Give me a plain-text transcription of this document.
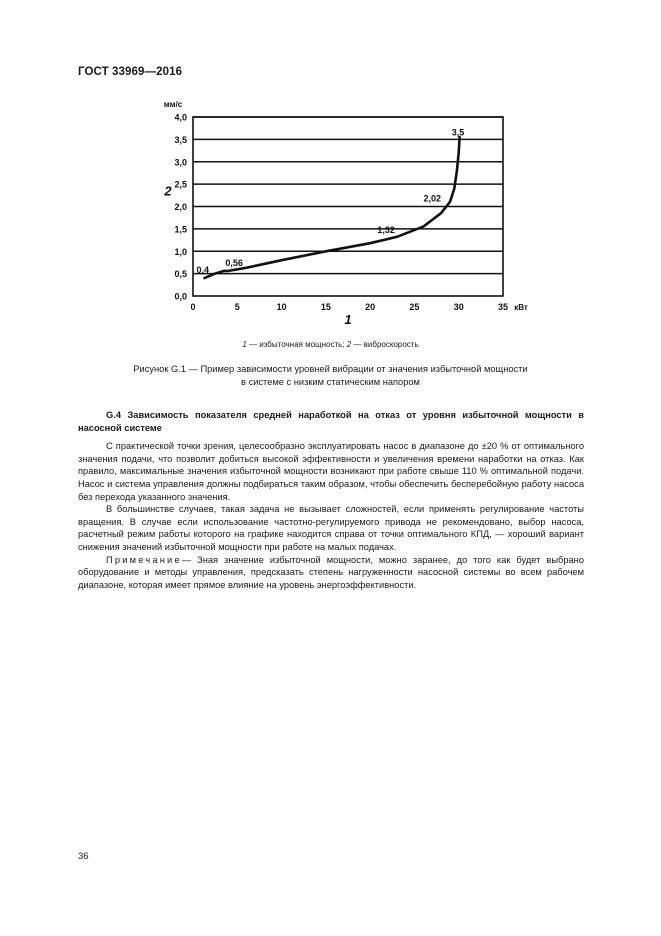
ГОСТ 33969—2016
0,0
0,5
1,0
1,5
2,0
2,5
3,0
3,5
4,0
0	5	10	15	20	25	30	35
мм/с
кВт
2
1
0,4
0,56
1,32
2,02
3,5
1 — избыточная мощность; 2 — виброскорость
Рисунок G.1 — Пример зависимости уровней вибрации от значения избыточной мощности
в системе с низким статическим напором
G.4 Зависимость показателя средней наработкой на отказ от уровня избыточной мощности в насосной системе

С практической точки зрения, целесообразно эксплуатировать насос в диапазоне до ±20 % от оптимального значения подачи, что позволит добиться высокой эффективности и увеличения времени наработки на отказ. Как правило, максимальные значения избыточной мощности возникают при работе свыше 110 % оптимальной подачи. Насос и система управления должны подбираться таким образом, чтобы обеспечить бесперебойную работу насоса без перехода указанного значения.

В большинстве случаев, такая задача не вызывает сложностей, если применять регулирование частоты вращения. В случае если использование частотно-регулируемого привода не рекомендовано, выбор насоса, расчетный режим работы которого на графике находится справа от точки оптимального КПД, — хороший вариант снижения значений избыточной мощности при работе на малых подачах.

Примечание— Зная значение избыточной мощности, можно заранее, до того как будет выбрано оборудование и методы управления, предсказать степень нагруженности насосной системы во всем рабочем диапазоне, которая имеет прямое влияние на уровень энергоэффективности.

36
